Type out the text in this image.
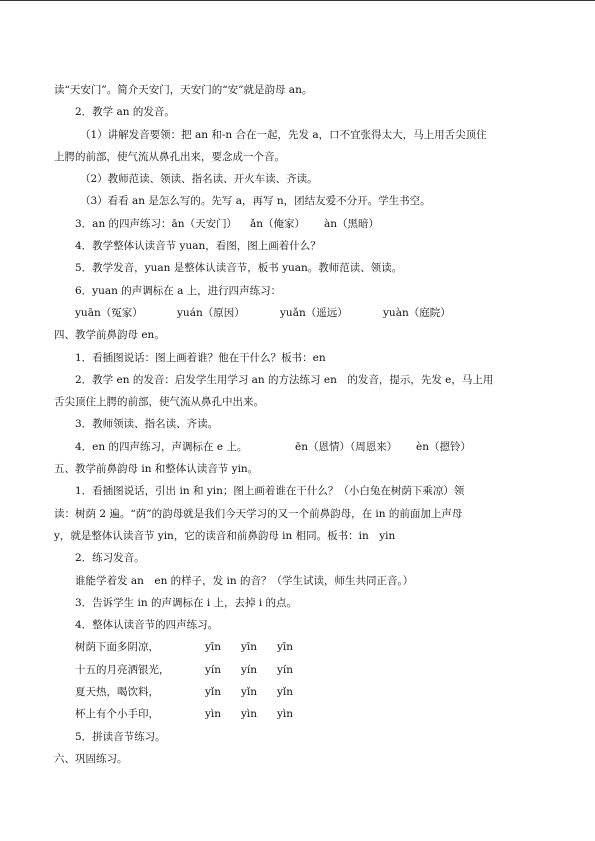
读“天安门”。简介天安门，天安门的“安”就是韵母 an。
2．教学 an 的发音。
（1）讲解发音要领：把 an 和-n 合在一起，先发 a，口不宜张得太大，马上用舌尖顶住
上腭的前部，使气流从鼻孔出来，要念成一个音。
（2）教师范读、领读、指名读、开火车读、齐读。
（3）看看 an 是怎么写的。先写 a，再写 n，团结友爱不分开。学生书空。
3．an 的四声练习：ān（天安门）	ǎn（俺家）	àn（黑暗）
4．教学整体认读音节 yuan，看图，图上画着什么？
5．教学发音，yuan 是整体认读音节，板书 yuan。教师范读、领读。
6．yuan 的声调标在 a 上，进行四声练习：
yuān（冤家）	yuán（原因）	yuǎn（遥远）	yuàn（庭院）
四、教学前鼻韵母 en。
1．看插图说话：图上画着谁？他在干什么？板书：en
2．教学 en 的发音：启发学生用学习 an 的方法练习 en　的发音，提示，先发 e，马上用
舌尖顶住上腭的前部，使气流从鼻孔中出来。
3．教师领读、指名读、齐读。
4．en 的四声练习，声调标在 e 上。	ēn（恩情）（周恩来）	èn（摁铃）
五、教学前鼻韵母 in 和整体认读音节 yin。
1．看插图说话，引出 in 和 yin；图上画着谁在干什么？（小白兔在树荫下乘凉）领
读：树荫 2 遍。“荫”的韵母就是我们今天学习的又一个前鼻韵母，在 in 的前面加上声母
y，就是整体认读音节 yin，它的读音和前鼻韵母 in 相同。板书：in　yin
2．练习发音。
谁能学着发 an　en 的样子，发 in 的音？（学生试读，师生共同正音。）
3．告诉学生 in 的声调标在 i 上，去掉 i 的点。
4．整体认读音节的四声练习。
树荫下面多阴凉，	yīn	yīn	yīn
十五的月亮洒银光，	yín	yín	yín
夏天热，喝饮料，	yǐn	yǐn	yǐn
杯上有个小手印，	yìn	yìn	yìn
5．拼读音节练习。
六、巩固练习。
